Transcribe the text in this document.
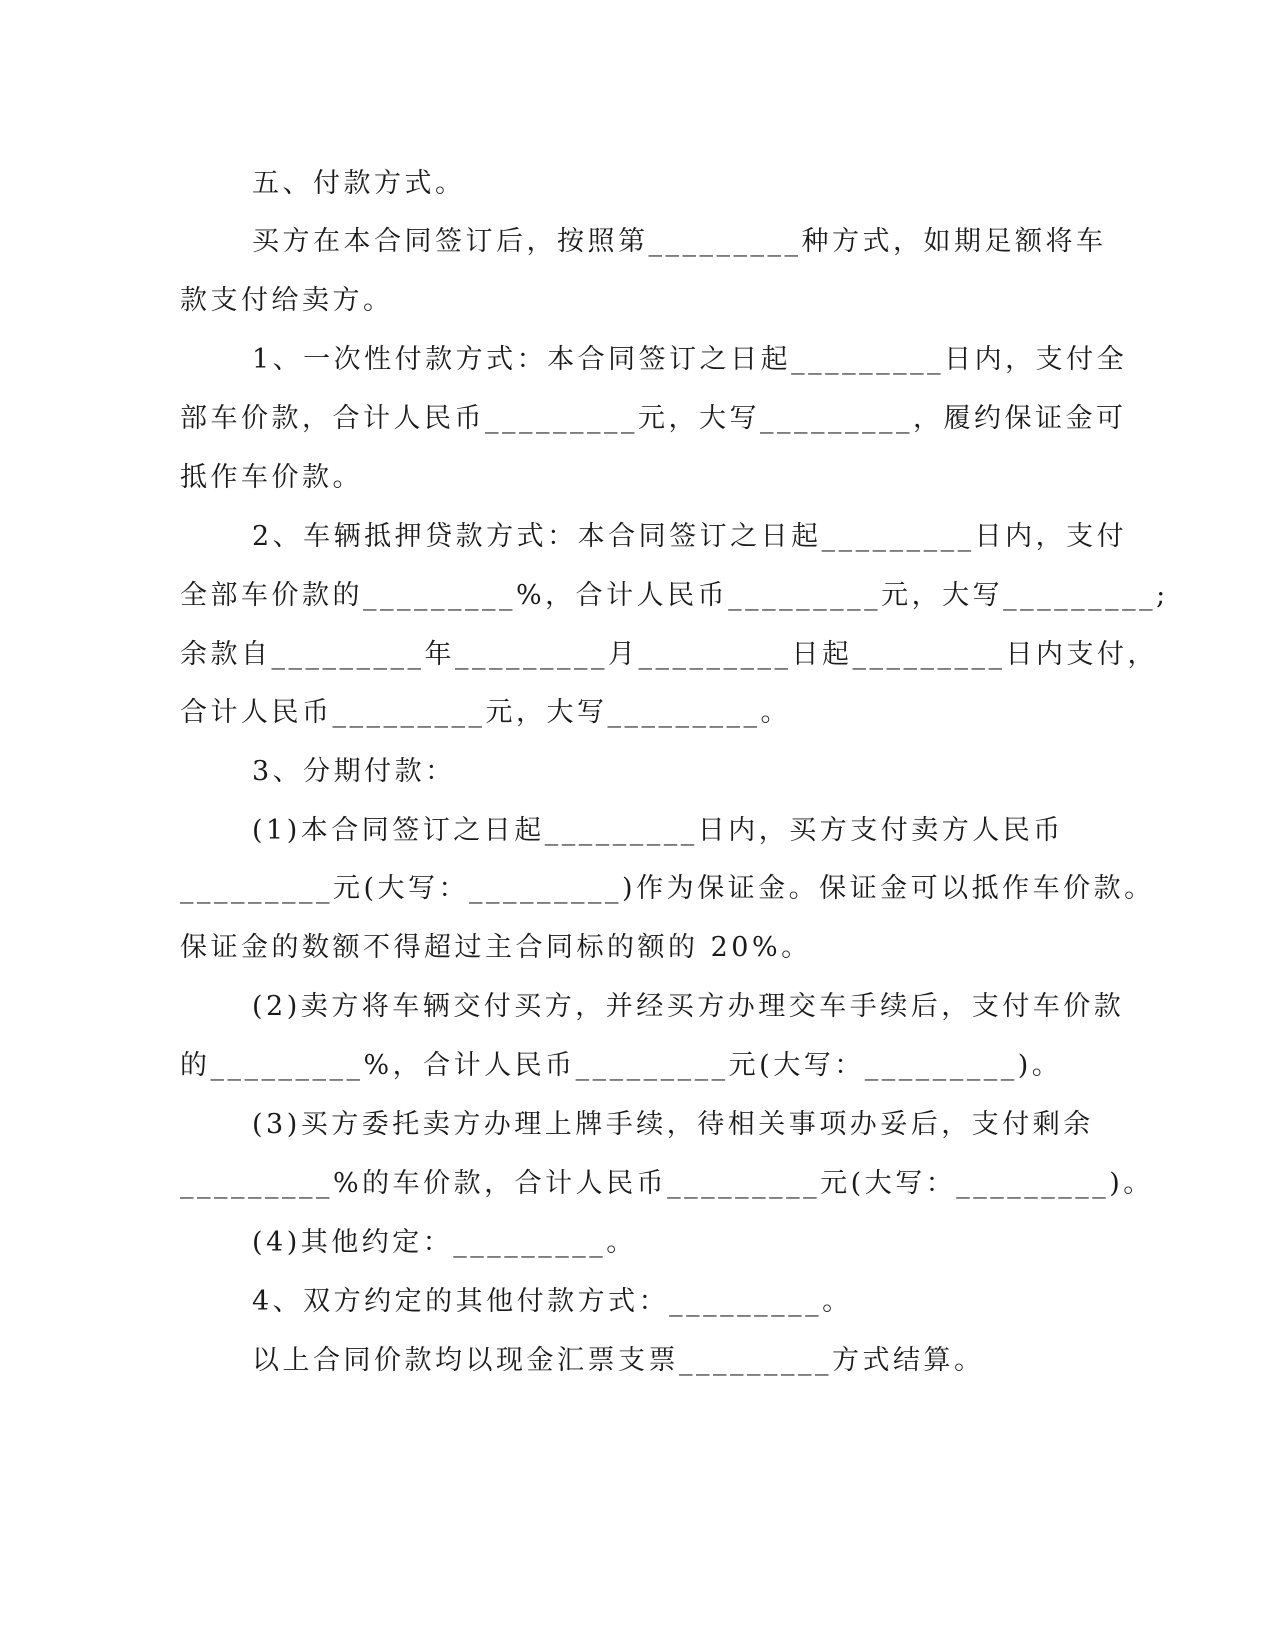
五、付款方式。
买方在本合同签订后，按照第_________种方式，如期足额将车
款支付给卖方。
1、一次性付款方式：本合同签订之日起_________日内，支付全
部车价款，合计人民币_________元，大写_________，履约保证金可
抵作车价款。
2、车辆抵押贷款方式：本合同签订之日起_________日内，支付
全部车价款的_________%，合计人民币_________元，大写_________;
余款自_________年_________月_________日起_________日内支付，
合计人民币_________元，大写_________。
3、分期付款：
(1)本合同签订之日起_________日内，买方支付卖方人民币
_________元(大写：_________)作为保证金。保证金可以抵作车价款。
保证金的数额不得超过主合同标的额的 20%。
(2)卖方将车辆交付买方，并经买方办理交车手续后，支付车价款
的_________%，合计人民币_________元(大写：_________)。
(3)买方委托卖方办理上牌手续，待相关事项办妥后，支付剩余
_________%的车价款，合计人民币_________元(大写：_________)。
(4)其他约定：_________。
4、双方约定的其他付款方式：_________。
以上合同价款均以现金汇票支票_________方式结算。
